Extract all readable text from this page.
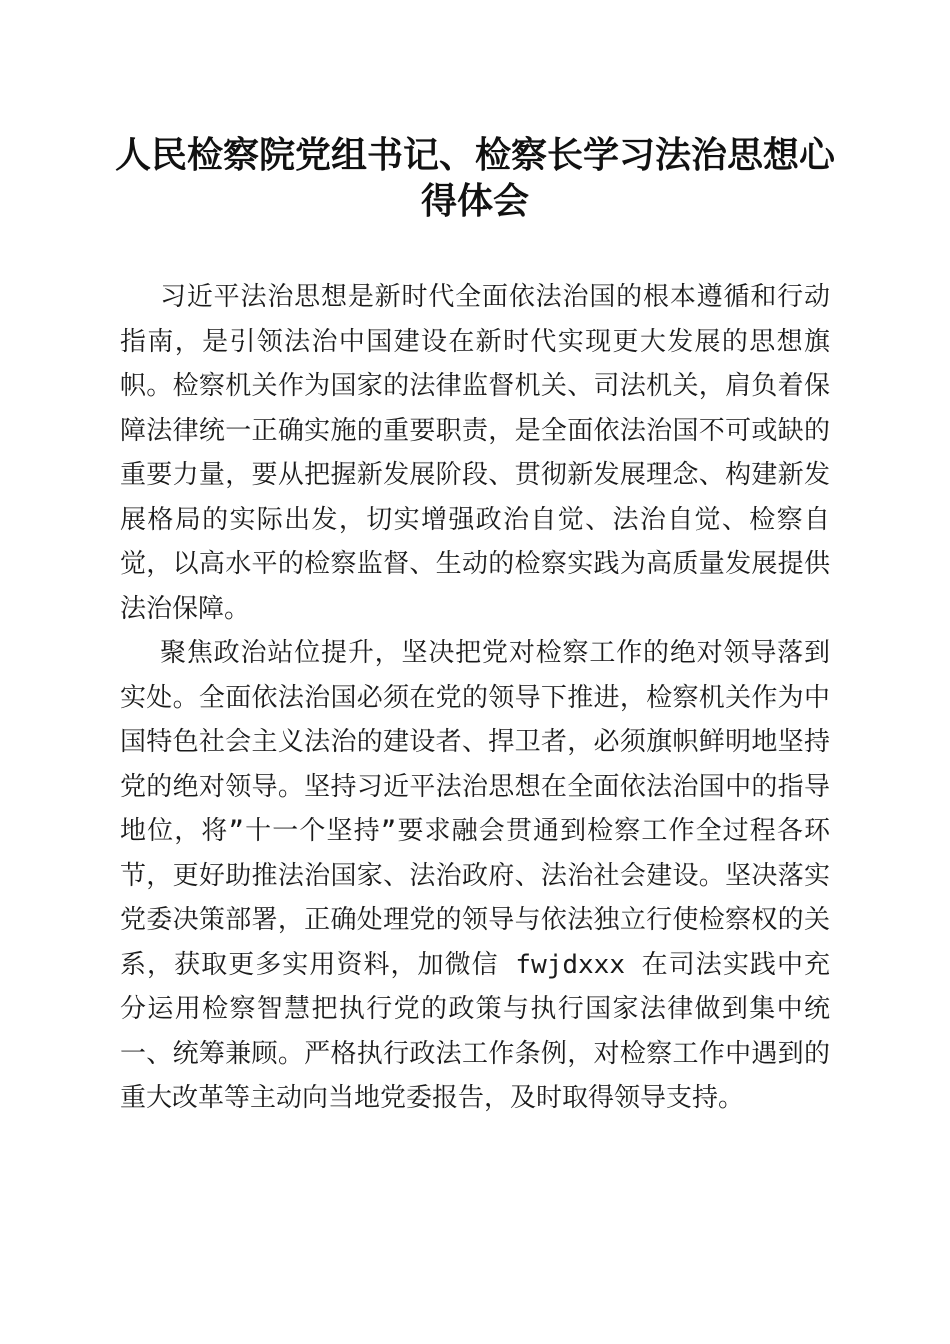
人民检察院党组书记、检察长学习法治思想心得体会

习近平法治思想是新时代全面依法治国的根本遵循和行动指南，是引领法治中国建设在新时代实现更大发展的思想旗帜。检察机关作为国家的法律监督机关、司法机关，肩负着保障法律统一正确实施的重要职责，是全面依法治国不可或缺的重要力量，要从把握新发展阶段、贯彻新发展理念、构建新发展格局的实际出发，切实增强政治自觉、法治自觉、检察自觉，以高水平的检察监督、生动的检察实践为高质量发展提供法治保障。

聚焦政治站位提升，坚决把党对检察工作的绝对领导落到实处。全面依法治国必须在党的领导下推进，检察机关作为中国特色社会主义法治的建设者、捍卫者，必须旗帜鲜明地坚持党的绝对领导。坚持习近平法治思想在全面依法治国中的指导地位，将”十一个坚持”要求融会贯通到检察工作全过程各环节，更好助推法治国家、法治政府、法治社会建设。坚决落实党委决策部署，正确处理党的领导与依法独立行使检察权的关系，获取更多实用资料，加微信 fwjdxxx 在司法实践中充分运用检察智慧把执行党的政策与执行国家法律做到集中统一、统筹兼顾。严格执行政法工作条例，对检察工作中遇到的重大改革等主动向当地党委报告，及时取得领导支持。
